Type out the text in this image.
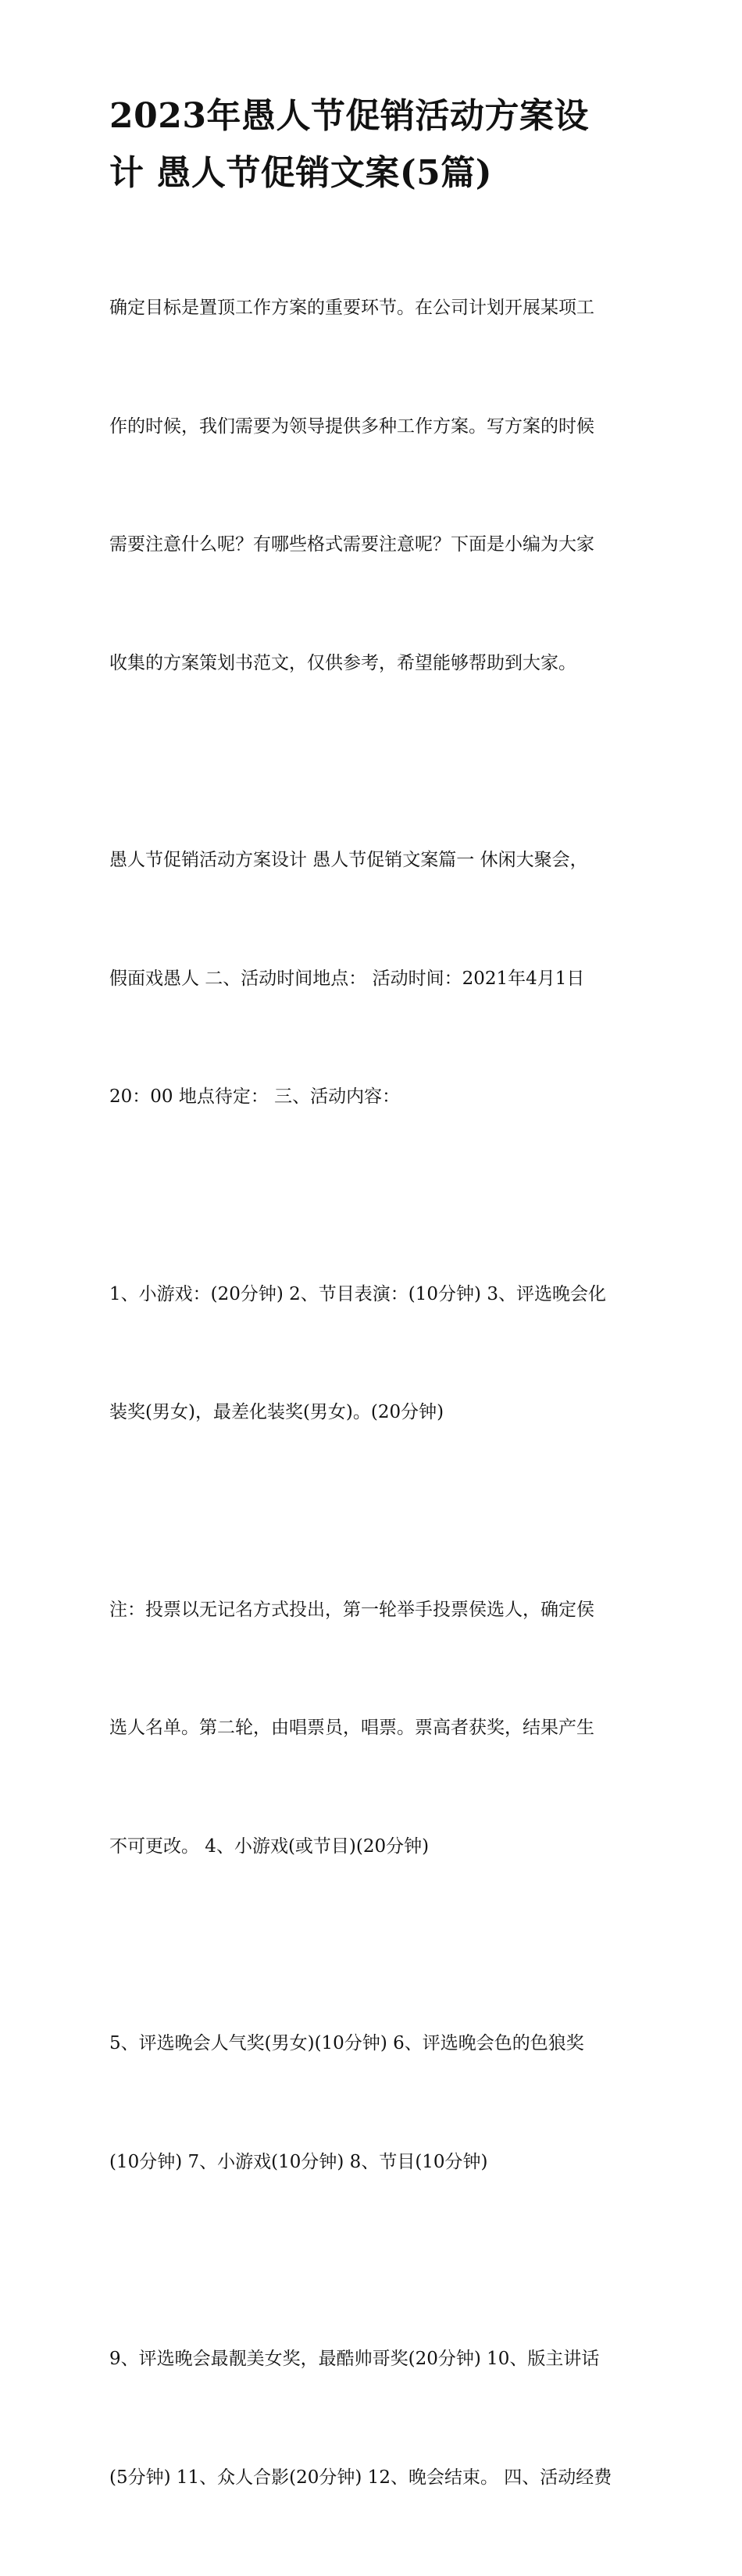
2023年愚人节促销活动方案设
计 愚人节促销文案(5篇)

确定目标是置顶工作方案的重要环节。在公司计划开展某项工

作的时候，我们需要为领导提供多种工作方案。写方案的时候

需要注意什么呢？有哪些格式需要注意呢？下面是小编为大家

收集的方案策划书范文，仅供参考，希望能够帮助到大家。

愚人节促销活动方案设计 愚人节促销文案篇一 休闲大聚会，

假面戏愚人 二、活动时间地点： 活动时间：2021年4月1日

20：00 地点待定： 三、活动内容：

1、小游戏：(20分钟) 2、节目表演：(10分钟) 3、评选晚会化

装奖(男女)，最差化装奖(男女)。(20分钟)

注：投票以无记名方式投出，第一轮举手投票侯选人，确定侯

选人名单。第二轮，由唱票员，唱票。票高者获奖，结果产生

不可更改。 4、小游戏(或节目)(20分钟)

5、评选晚会人气奖(男女)(10分钟) 6、评选晚会色的色狼奖

(10分钟) 7、小游戏(10分钟) 8、节目(10分钟)

9、评选晚会最靓美女奖，最酷帅哥奖(20分钟) 10、版主讲话

(5分钟) 11、众人合影(20分钟) 12、晚会结束。 四、活动经费
